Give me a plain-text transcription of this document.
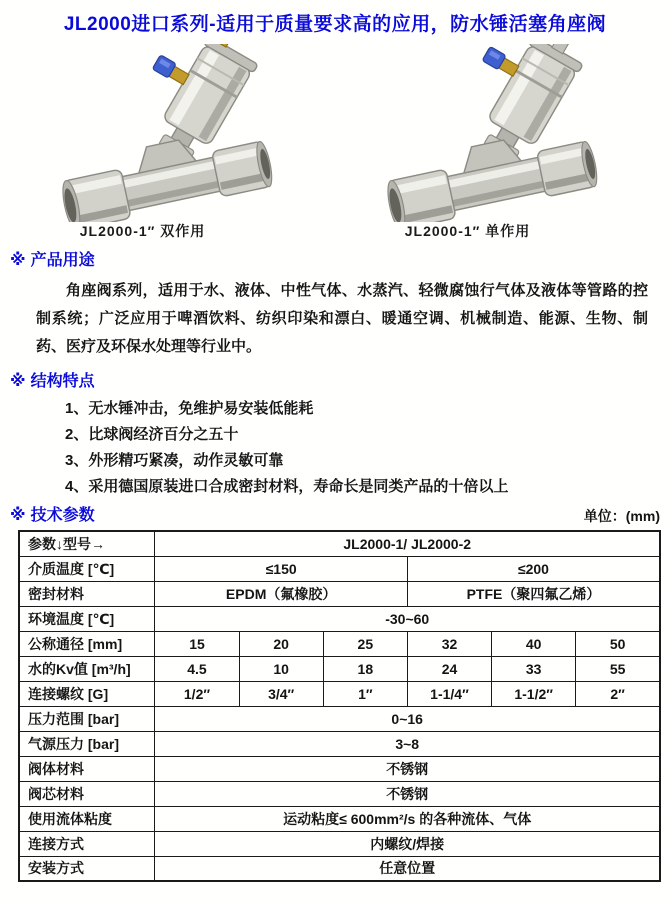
JL2000进口系列-适用于质量要求高的应用，防水锤活塞角座阀
JL2000-1″ 双作用	JL2000-1″ 单作用
※ 产品用途
角座阀系列，适用于水、液体、中性气体、水蒸汽、轻微腐蚀行气体及液体等管路的控制系统；广泛应用于啤酒饮料、纺织印染和漂白、暖通空调、机械制造、能源、生物、制药、医疗及环保水处理等行业中。
※ 结构特点
1、无水锤冲击，免维护易安装低能耗
2、比球阀经济百分之五十
3、外形精巧紧凑，动作灵敏可靠
4、采用德国原装进口合成密封材料，寿命长是同类产品的十倍以上
※ 技术参数	单位：(mm)
参数↓型号→	JL2000-1/ JL2000-2					
介质温度 [℃]	≤150			≤200		
密封材料	EPDM（氟橡胶）			PTFE（聚四氟乙烯）		
环境温度 [℃]	-30~60					
公称通径 [mm]	15	20	25	32	40	50
水的Kv值 [m³/h]	4.5	10	18	24	33	55
连接螺纹 [G]	1/2″	3/4″	1″	1-1/4″	1-1/2″	2″
压力范围 [bar]	0~16					
气源压力 [bar]	3~8					
阀体材料	不锈钢					
阀芯材料	不锈钢					
使用流体粘度	运动粘度≤ 600mm²/s 的各种流体、气体					
连接方式	内螺纹/焊接					
安装方式	任意位置					
